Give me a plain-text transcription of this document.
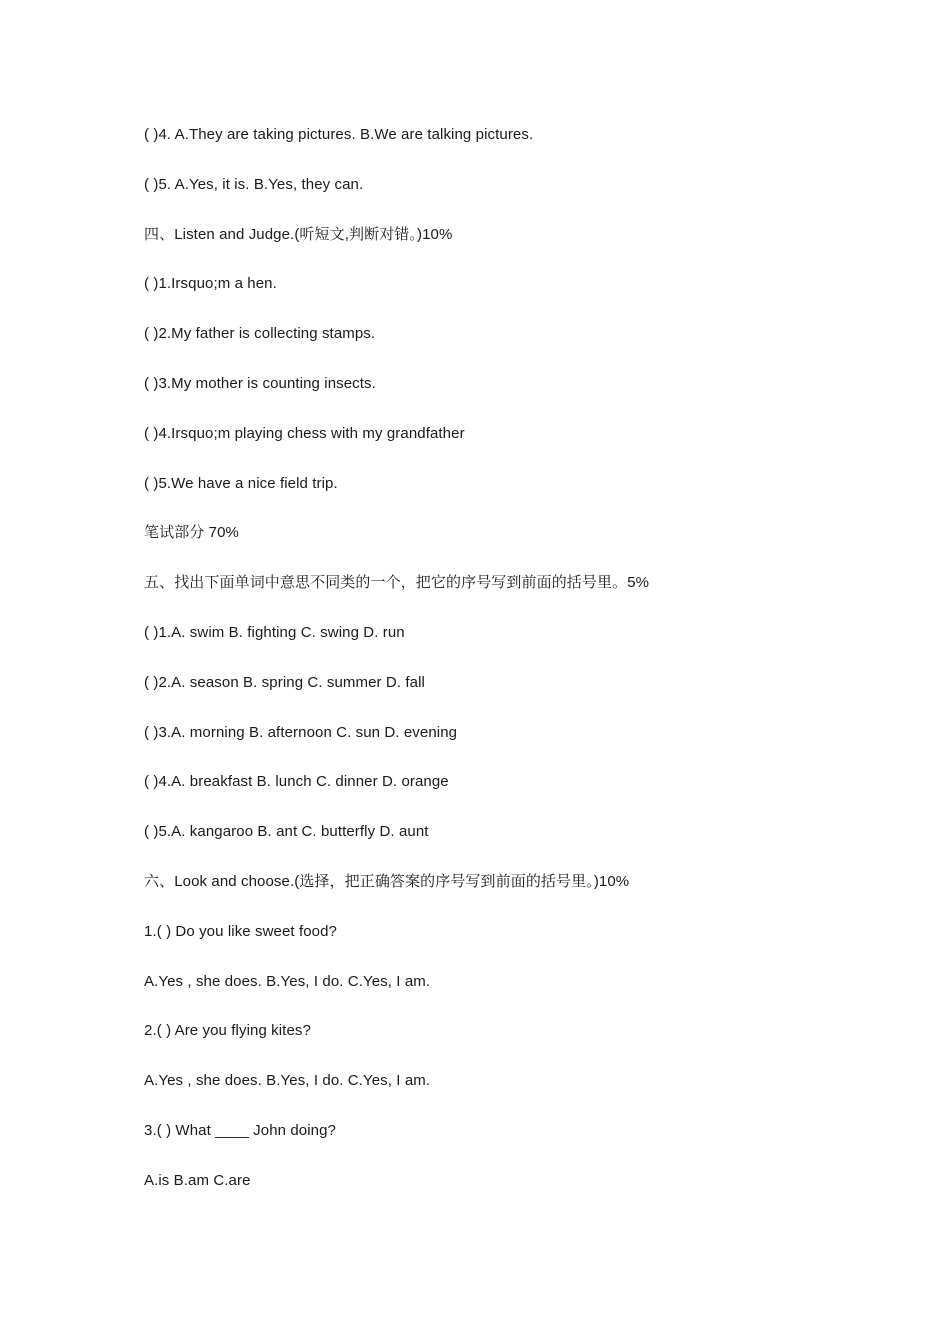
( )4. A.They are taking pictures. B.We are talking pictures.
( )5. A.Yes, it is. B.Yes, they can.
四、Listen and Judge.(听短文,判断对错。)10%
( )1.Irsquo;m a hen.
( )2.My father is collecting stamps.
( )3.My mother is counting insects.
( )4.Irsquo;m playing chess with my grandfather
( )5.We have a nice field trip.
笔试部分 70%
五、找出下面单词中意思不同类的一个，把它的序号写到前面的括号里。5%
( )1.A. swim B. fighting C. swing D. run
( )2.A. season B. spring C. summer D. fall
( )3.A. morning B. afternoon C. sun D. evening
( )4.A. breakfast B. lunch C. dinner D. orange
( )5.A. kangaroo B. ant C. butterfly D. aunt
六、Look and choose.(选择，把正确答案的序号写到前面的括号里。)10%
1.( ) Do you like sweet food?
A.Yes , she does. B.Yes, I do. C.Yes, I am.
2.( ) Are you flying kites?
A.Yes , she does. B.Yes, I do. C.Yes, I am.
3.( ) What ____ John doing?
A.is B.am C.are
